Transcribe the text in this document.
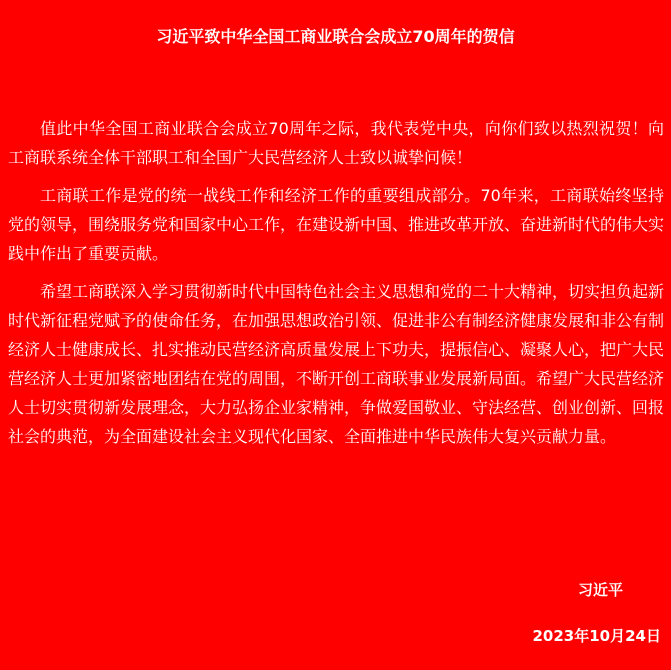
习近平致中华全国工商业联合会成立70周年的贺信

值此中华全国工商业联合会成立70周年之际，我代表党中央，向你们致以热烈祝贺！向工商联系统全体干部职工和全国广大民营经济人士致以诚挚问候！

工商联工作是党的统一战线工作和经济工作的重要组成部分。70年来，工商联始终坚持党的领导，围绕服务党和国家中心工作，在建设新中国、推进改革开放、奋进新时代的伟大实践中作出了重要贡献。

希望工商联深入学习贯彻新时代中国特色社会主义思想和党的二十大精神，切实担负起新时代新征程党赋予的使命任务，在加强思想政治引领、促进非公有制经济健康发展和非公有制经济人士健康成长、扎实推动民营经济高质量发展上下功夫，提振信心、凝聚人心，把广大民营经济人士更加紧密地团结在党的周围，不断开创工商联事业发展新局面。希望广大民营经济人士切实贯彻新发展理念，大力弘扬企业家精神，争做爱国敬业、守法经营、创业创新、回报社会的典范，为全面建设社会主义现代化国家、全面推进中华民族伟大复兴贡献力量。

习近平
2023年10月24日
